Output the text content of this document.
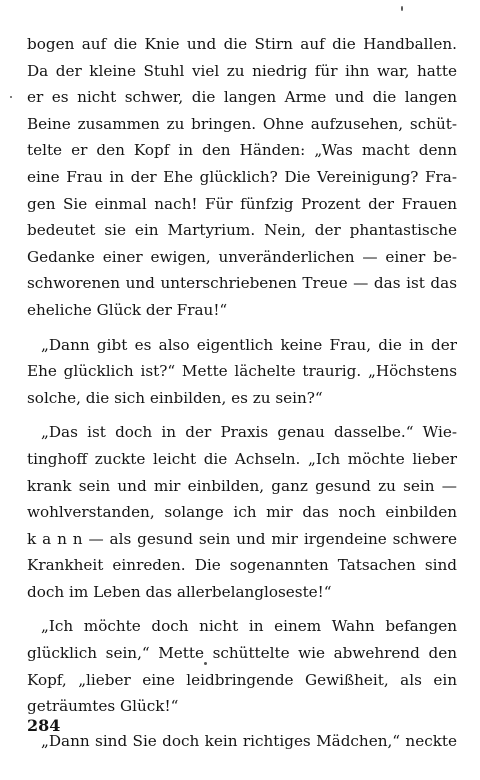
bogen auf die Knie und die Stirn auf die Handballen.
Da der kleine Stuhl viel zu niedrig für ihn war, hatte
er es nicht schwer, die langen Arme und die langen
Beine zusammen zu bringen. Ohne aufzusehen, schüt‑
telte er den Kopf in den Händen: „Was macht denn
eine Frau in der Ehe glücklich? Die Vereinigung? Fra‑
gen Sie einmal nach! Für fünfzig Prozent der Frauen
bedeutet sie ein Martyrium. Nein, der phantastische
Gedanke einer ewigen, unveränderlichen — einer be‑
schworenen und unterschriebenen Treue — das ist das
eheliche Glück der Frau!“
„Dann gibt es also eigentlich keine Frau, die in der
Ehe glücklich ist?“ Mette lächelte traurig. „Höchstens
solche, die sich einbilden, es zu sein?“
„Das ist doch in der Praxis genau dasselbe.“ Wie‑
tinghoff zuckte leicht die Achseln. „Ich möchte lieber
krank sein und mir einbilden, ganz gesund zu sein —
wohlverstanden, solange ich mir das noch einbilden
k a n n — als gesund sein und mir irgendeine schwere
Krankheit einreden. Die sogenannten Tatsachen sind
doch im Leben das allerbelangloseste!“
„Ich möchte doch nicht in einem Wahn befangen
glücklich sein,“ Mette schüttelte wie abwehrend den
Kopf, „lieber eine leidbringende Gewißheit, als ein
geträumtes Glück!“
„Dann sind Sie doch kein richtiges Mädchen,“ neckte
284
